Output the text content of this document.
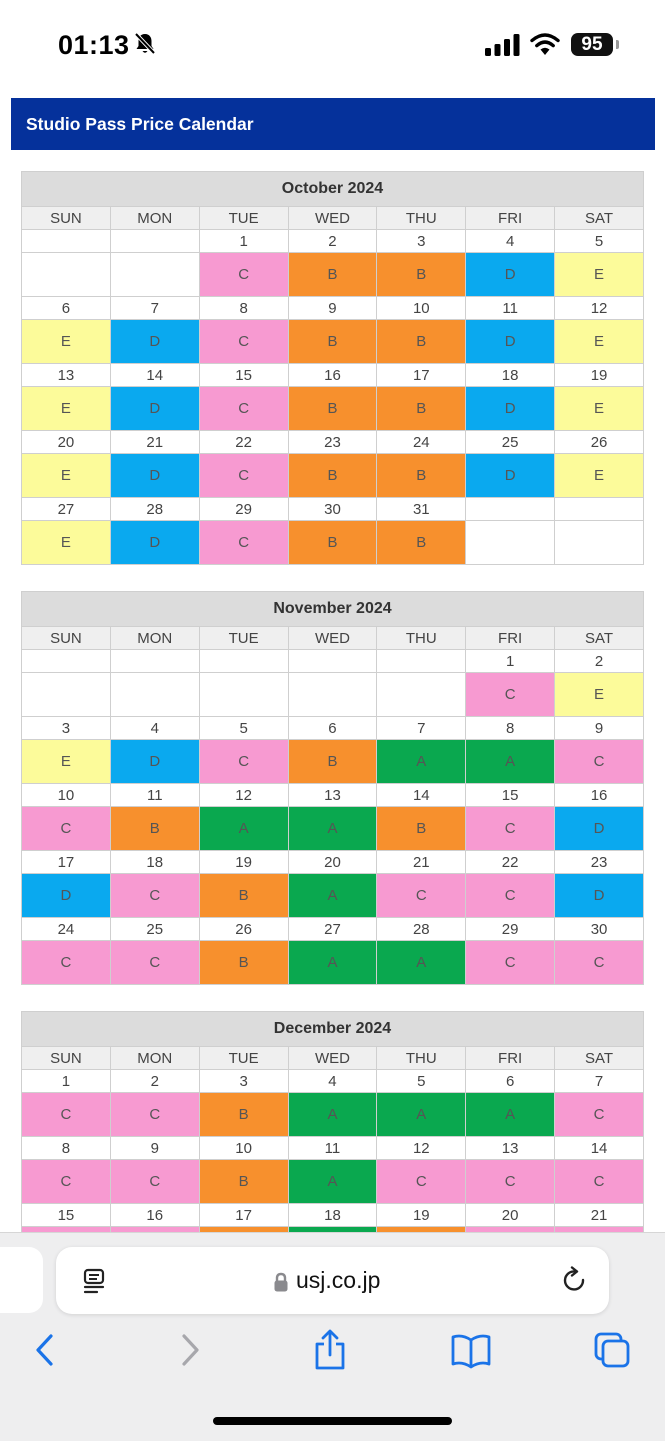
01:13	95
Studio Pass Price Calendar
October 2024						
SUN	MON	TUE	WED	THU	FRI	SAT
		1	2	3	4	5
		C	B	B	D	E
6	7	8	9	10	11	12
E	D	C	B	B	D	E
13	14	15	16	17	18	19
E	D	C	B	B	D	E
20	21	22	23	24	25	26
E	D	C	B	B	D	E
27	28	29	30	31		
E	D	C	B	B		
November 2024						
SUN	MON	TUE	WED	THU	FRI	SAT
					1	2
					C	E
3	4	5	6	7	8	9
E	D	C	B	A	A	C
10	11	12	13	14	15	16
C	B	A	A	B	C	D
17	18	19	20	21	22	23
D	C	B	A	C	C	D
24	25	26	27	28	29	30
C	C	B	A	A	C	C
December 2024						
SUN	MON	TUE	WED	THU	FRI	SAT
1	2	3	4	5	6	7
C	C	B	A	A	A	C
8	9	10	11	12	13	14
C	C	B	A	C	C	C
15	16	17	18	19	20	21

usj.co.jp
